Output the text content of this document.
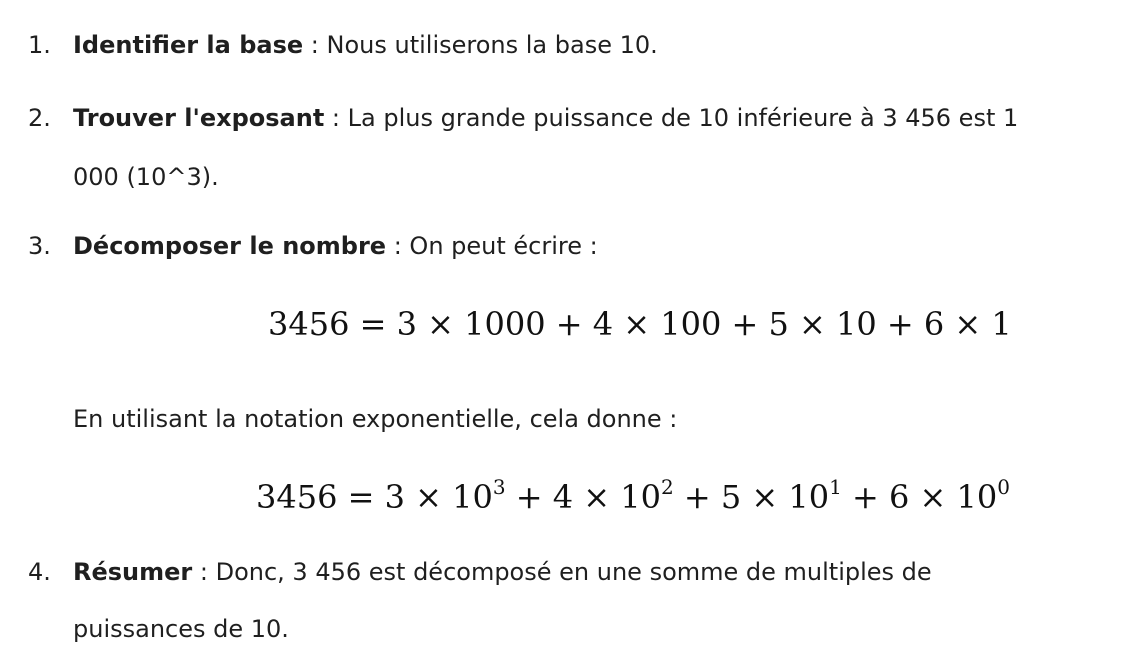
1. Identifier la base : Nous utiliserons la base 10.
2. Trouver l'exposant : La plus grande puissance de 10 inférieure à 3 456 est 1
000 (10^3).
3. Décomposer le nombre : On peut écrire :
3456 = 3 × 1000 + 4 × 100 + 5 × 10 + 6 × 1
En utilisant la notation exponentielle, cela donne :
$3456 = 3 \times 10^3 + 4 \times 10^2 + 5 \times 10^1 + 6 \times 10^0$
4. Résumer : Donc, 3 456 est décomposé en une somme de multiples de
puissances de 10.
